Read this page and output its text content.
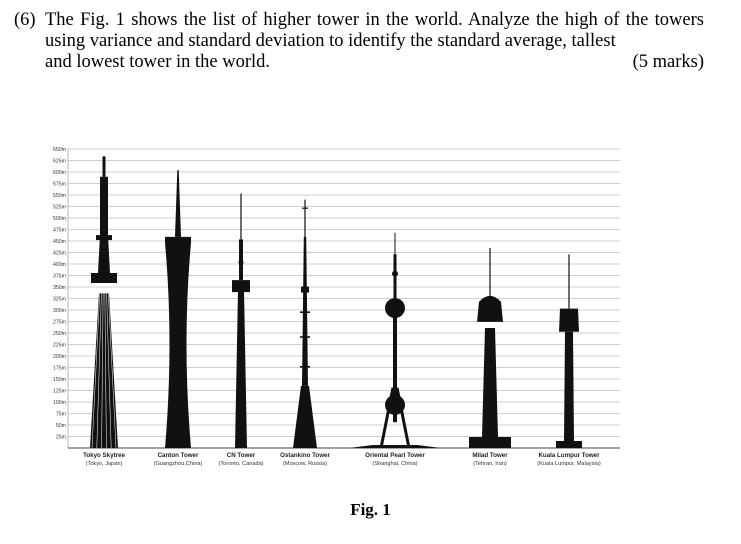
(6) The Fig. 1 shows the list of higher tower in the world. Analyze the high of the towers using variance and standard deviation to identify the standard average, tallest
and lowest tower in the world.	(5 marks)
650m
625m
600m
575m
550m
525m
500m
475m
450m
425m
400m
375m
350m
325m
300m
275m
250m
225m
200m
175m
150m
125m
100m
75m
50m
25m
Tokyo Skytree
(Tokyo, Japan)
Canton Tower
(Guangzhou,China)
CN Tower
(Toronto, Canada)
Ostankino Tower
(Moscow, Russia)
Oriental Pearl Tower
(Shanghai, China)
Milad Tower
(Tehran, Iran)
Kuala Lumpur Tower
(Kuala Lumpur, Malaysia)
Fig. 1
